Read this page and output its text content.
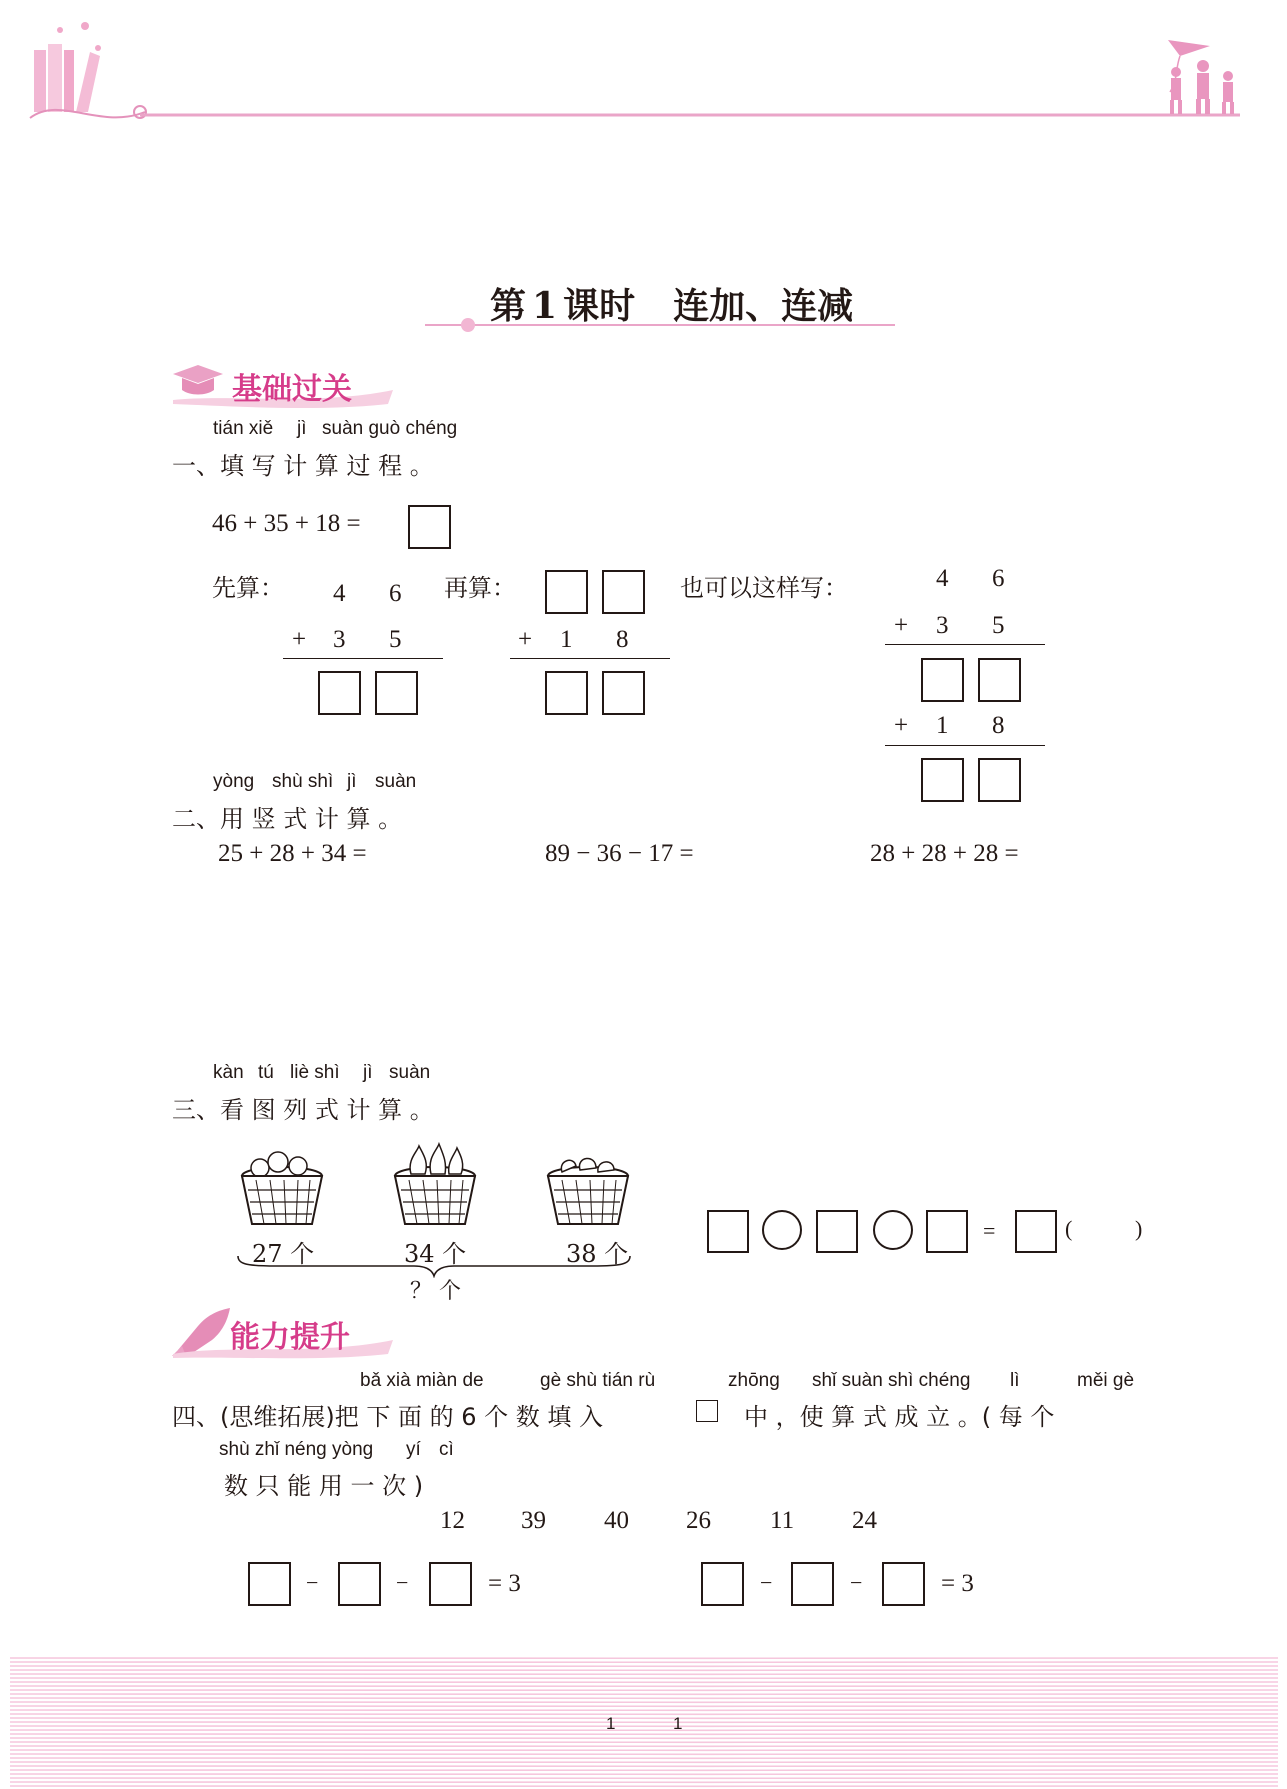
第 1 课时 连加、连减
基础过关
tián xiě jì suàn guò chéng
一、填 写 计 算 过 程 。
46 + 35 + 18 =
先算：	再算：	也可以这样写：
4 6
+ 3 5	+ 1 8
4 6
+ 3 5
+ 1 8
yòng shù shì jì suàn
二、用 竖 式 计 算 。
25 + 28 + 34 =	89 − 36 − 17 =	28 + 28 + 28 =
kàn tú liè shì jì suàn
三、看 图 列 式 计 算 。
27 个	34 个	38 个
？ 个
=	(	)
能力提升
bǎ xià miàn de	gè shù tián rù	zhōng shǐ suàn shì chéng lì	měi gè
四、(思维拓展)把 下 面 的 6 个 数 填 入	中 ，使 算 式 成 立 。( 每 个
shù zhǐ néng yòng yí cì
数 只 能 用 一 次 )
12 39 40 26 11 24
−	−	= 3	−	−	= 3
1	1
